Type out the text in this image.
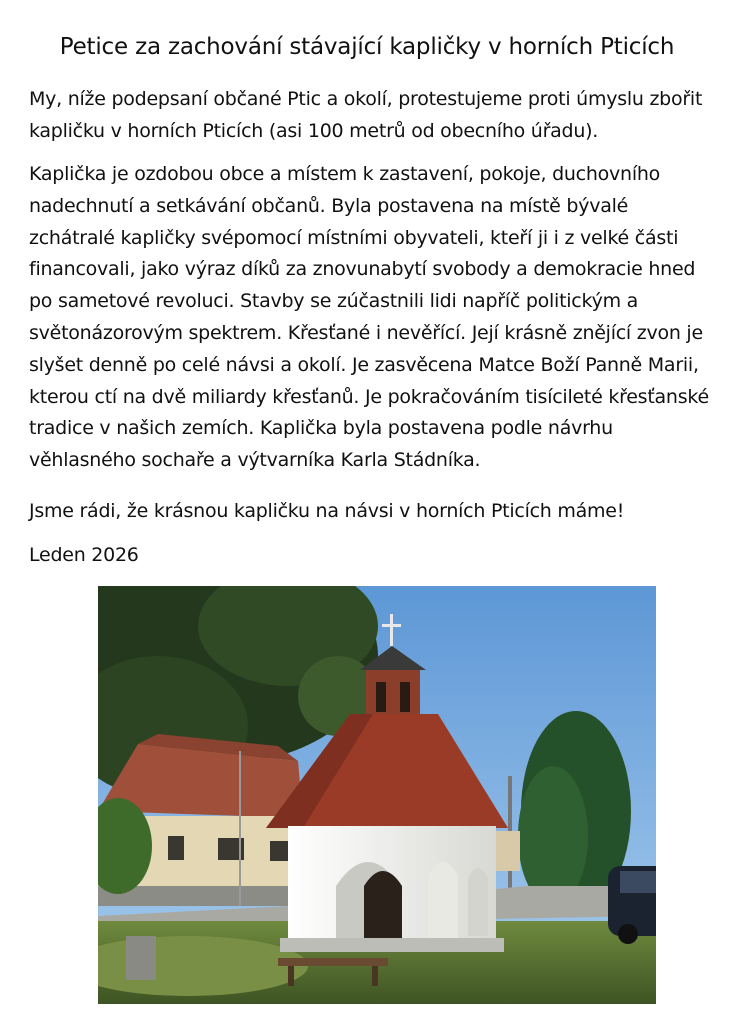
Petice za zachování stávající kapličky v horních Pticích

My, níže podepsaní občané Ptic a okolí, protestujeme proti úmyslu zbořit kapličku v horních Pticích (asi 100 metrů od obecního úřadu).

Kaplička je ozdobou obce a místem k zastavení, pokoje, duchovního nadechnutí a setkávání občanů. Byla postavena na místě bývalé zchátralé kapličky svépomocí místními obyvateli, kteří ji i z velké části financovali, jako výraz díků za znovunabytí svobody a demokracie hned po sametové revoluci. Stavby se zúčastnili lidi napříč politickým a světonázorovým spektrem. Křesťané i nevěřící. Její krásně znějící zvon je slyšet denně po celé návsi a okolí. Je zasvěcena Matce Boží Panně Marii, kterou ctí na dvě miliardy křesťanů. Je pokračováním tisícileté křesťanské tradice v našich zemích. Kaplička byla postavena podle návrhu věhlasného sochaře a výtvarníka Karla Stádníka.

Jsme rádi, že krásnou kapličku na návsi v horních Pticích máme!

Leden 2026
